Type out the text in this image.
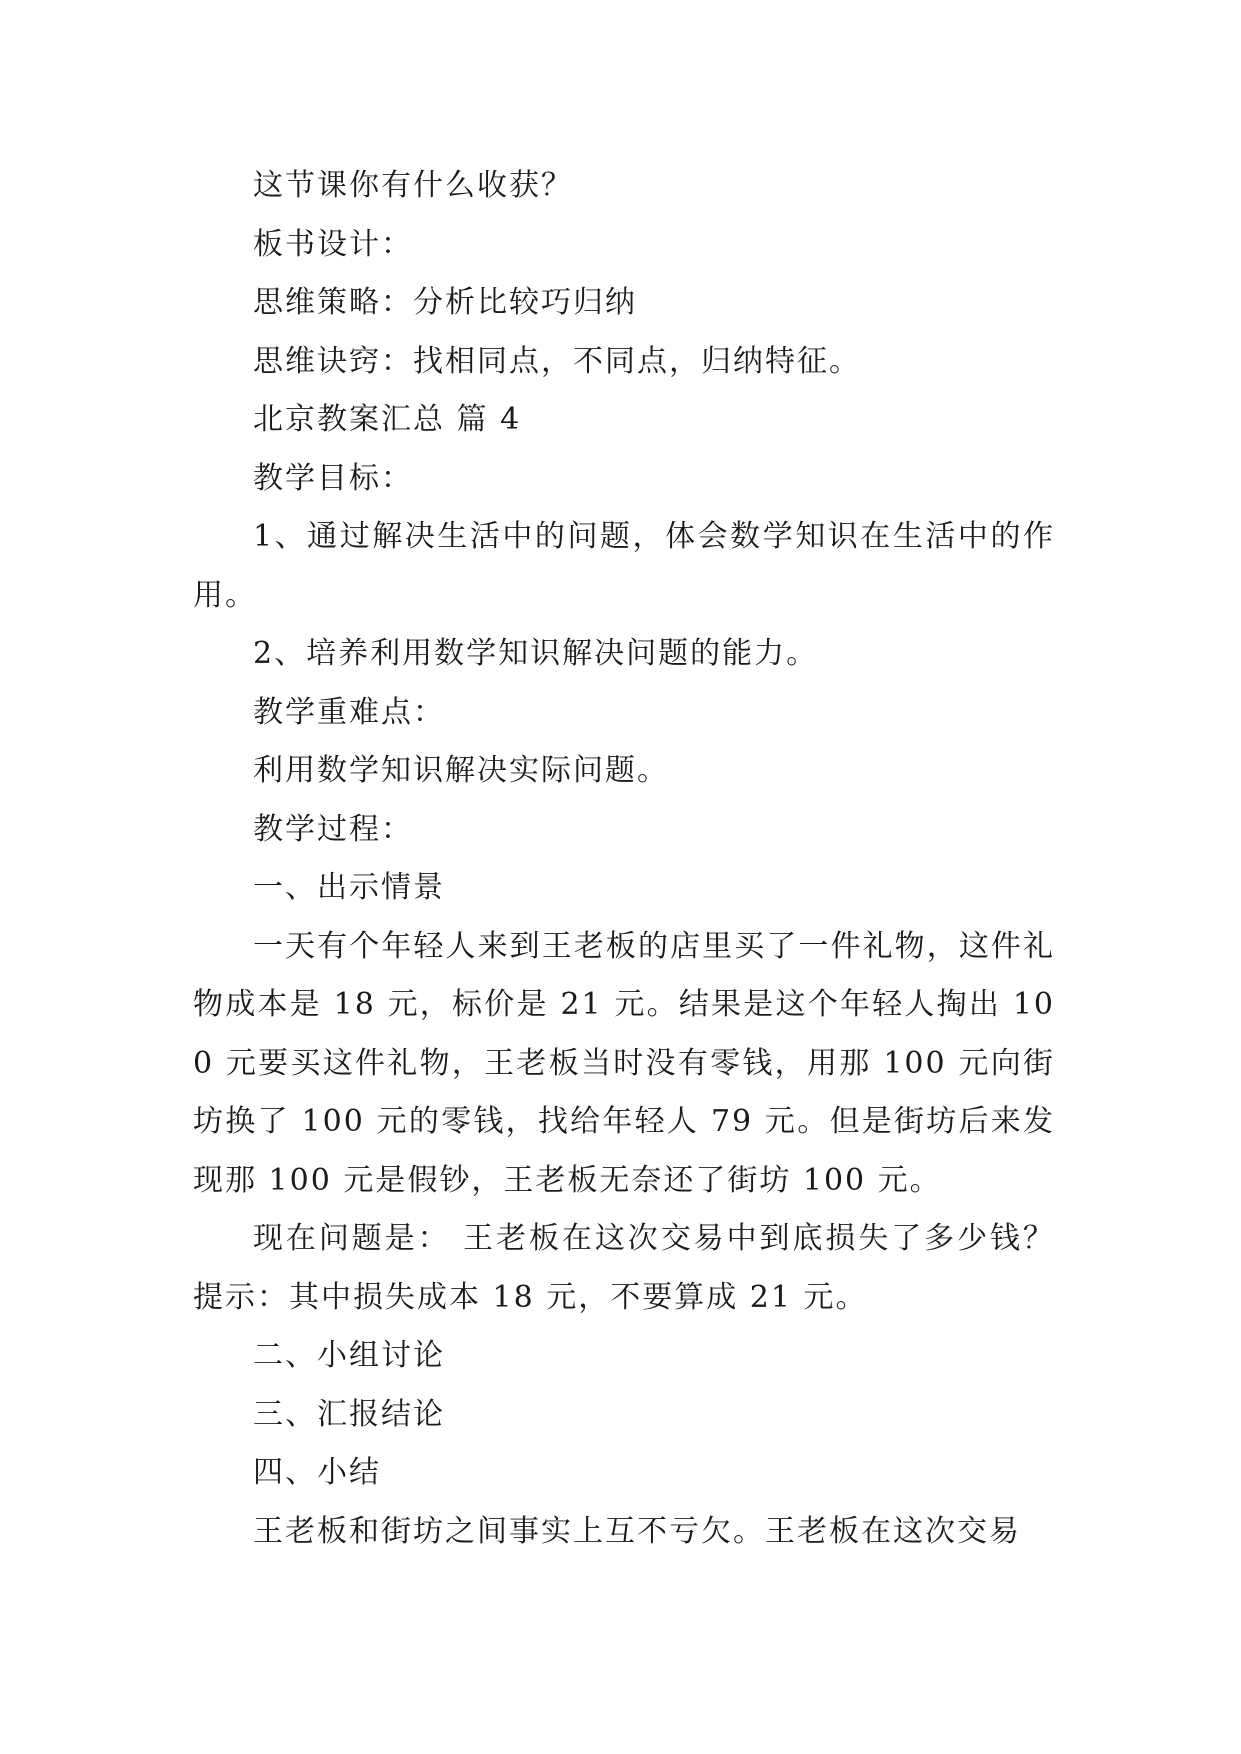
这节课你有什么收获？

板书设计：

思维策略：分析比较巧归纳

思维诀窍：找相同点，不同点，归纳特征。

北京教案汇总 篇 4

教学目标：

1、通过解决生活中的问题，体会数学知识在生活中的作用。

2、培养利用数学知识解决问题的能力。

教学重难点：

利用数学知识解决实际问题。

教学过程：

一、出示情景

一天有个年轻人来到王老板的店里买了一件礼物，这件礼物成本是 18 元，标价是 21 元。结果是这个年轻人掏出 100 元要买这件礼物，王老板当时没有零钱，用那 100 元向街坊换了 100 元的零钱，找给年轻人 79 元。但是街坊后来发现那 100 元是假钞，王老板无奈还了街坊 100 元。

现在问题是： 王老板在这次交易中到底损失了多少钱？提示：其中损失成本 18 元，不要算成 21 元。

二、小组讨论

三、汇报结论

四、小结

王老板和街坊之间事实上互不亏欠。王老板在这次交易
